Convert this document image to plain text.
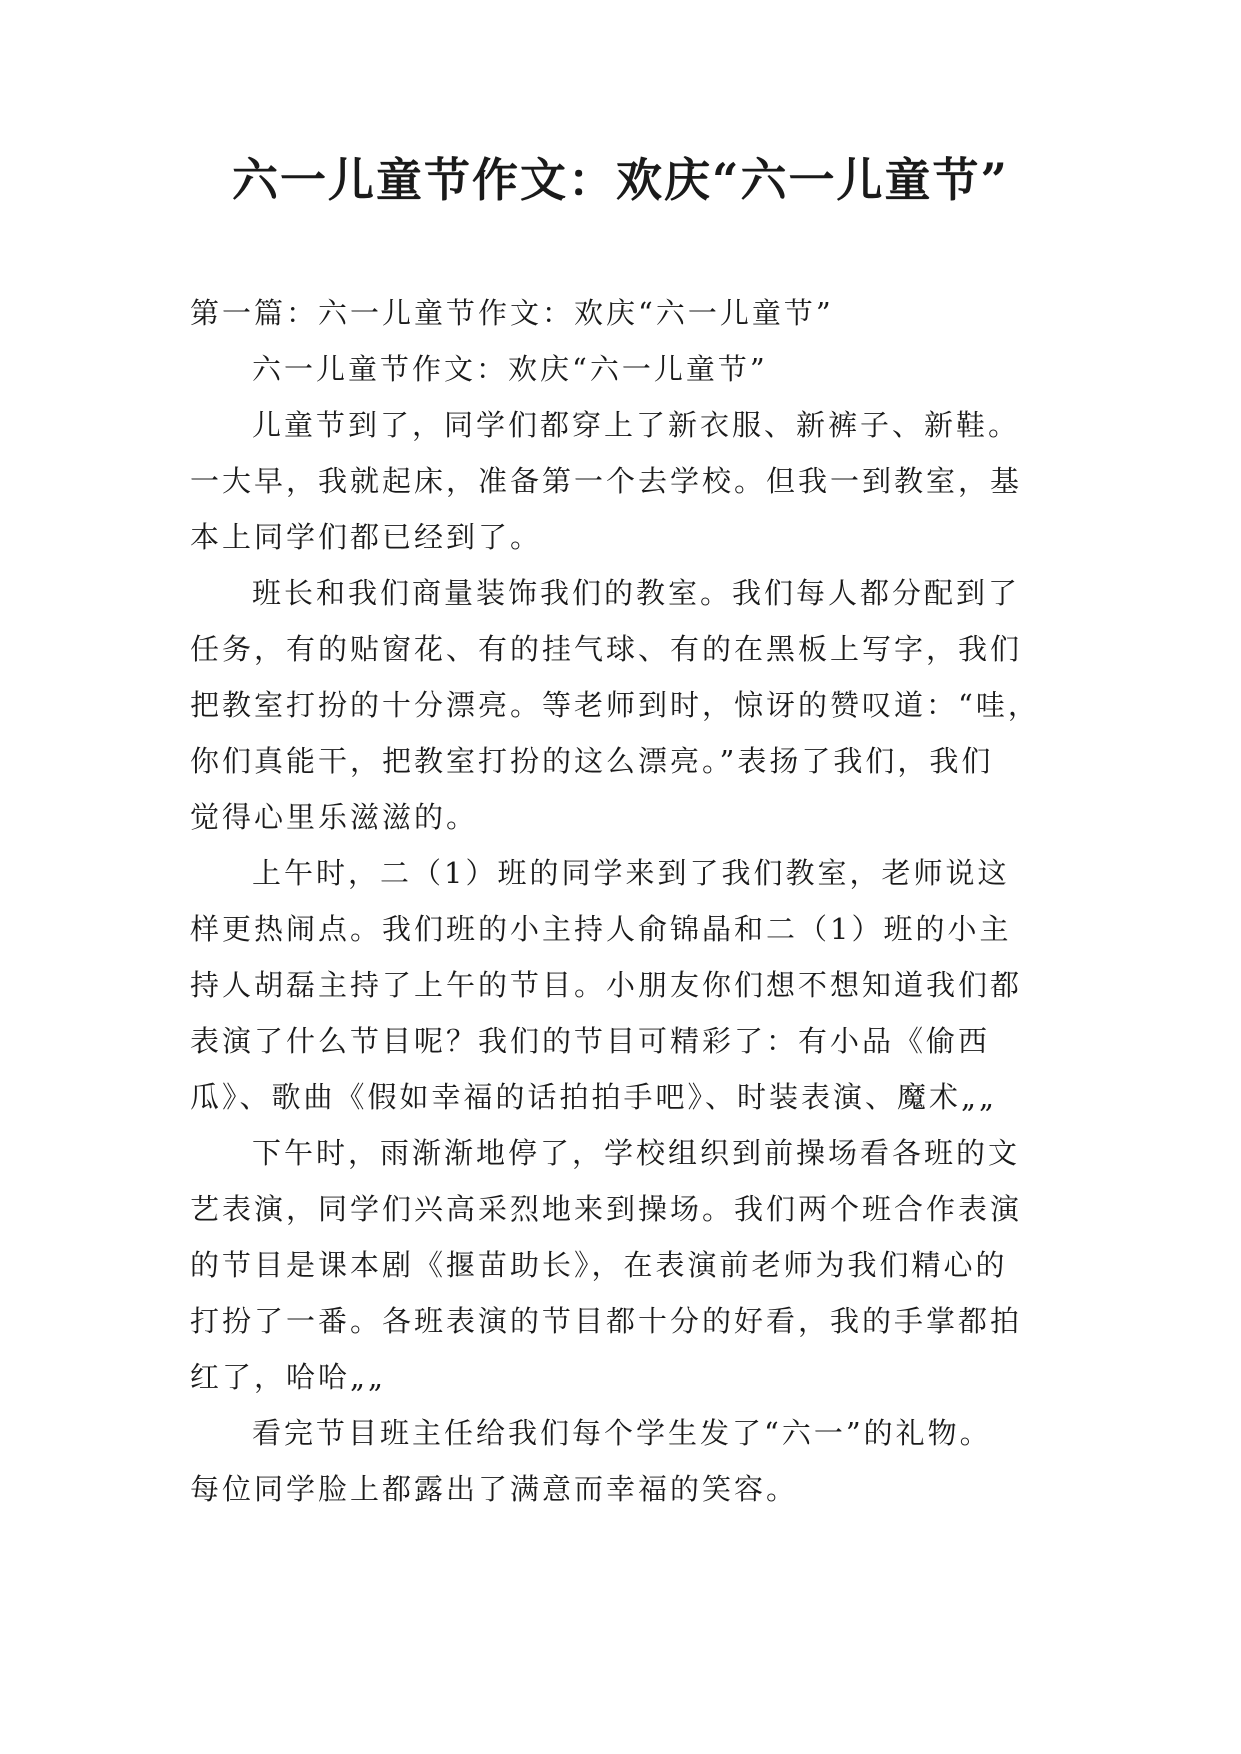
六一儿童节作文：欢庆“六一儿童节”

第一篇：六一儿童节作文：欢庆“六一儿童节”

六一儿童节作文：欢庆“六一儿童节”

儿童节到了，同学们都穿上了新衣服、新裤子、新鞋。

一大早，我就起床，准备第一个去学校。但我一到教室，基

本上同学们都已经到了。

班长和我们商量装饰我们的教室。我们每人都分配到了

任务，有的贴窗花、有的挂气球、有的在黑板上写字，我们

把教室打扮的十分漂亮。等老师到时，惊讶的赞叹道：“哇，

你们真能干，把教室打扮的这么漂亮。”表扬了我们，我们

觉得心里乐滋滋的。

上午时，二（1）班的同学来到了我们教室，老师说这

样更热闹点。我们班的小主持人俞锦晶和二（1）班的小主

持人胡磊主持了上午的节目。小朋友你们想不想知道我们都

表演了什么节目呢？我们的节目可精彩了：有小品《偷西

瓜》、歌曲《假如幸福的话拍拍手吧》、时装表演、魔术„„

下午时，雨渐渐地停了，学校组织到前操场看各班的文

艺表演，同学们兴高采烈地来到操场。我们两个班合作表演

的节目是课本剧《揠苗助长》，在表演前老师为我们精心的

打扮了一番。各班表演的节目都十分的好看，我的手掌都拍

红了，哈哈„„

看完节目班主任给我们每个学生发了“六一”的礼物。

每位同学脸上都露出了满意而幸福的笑容。
